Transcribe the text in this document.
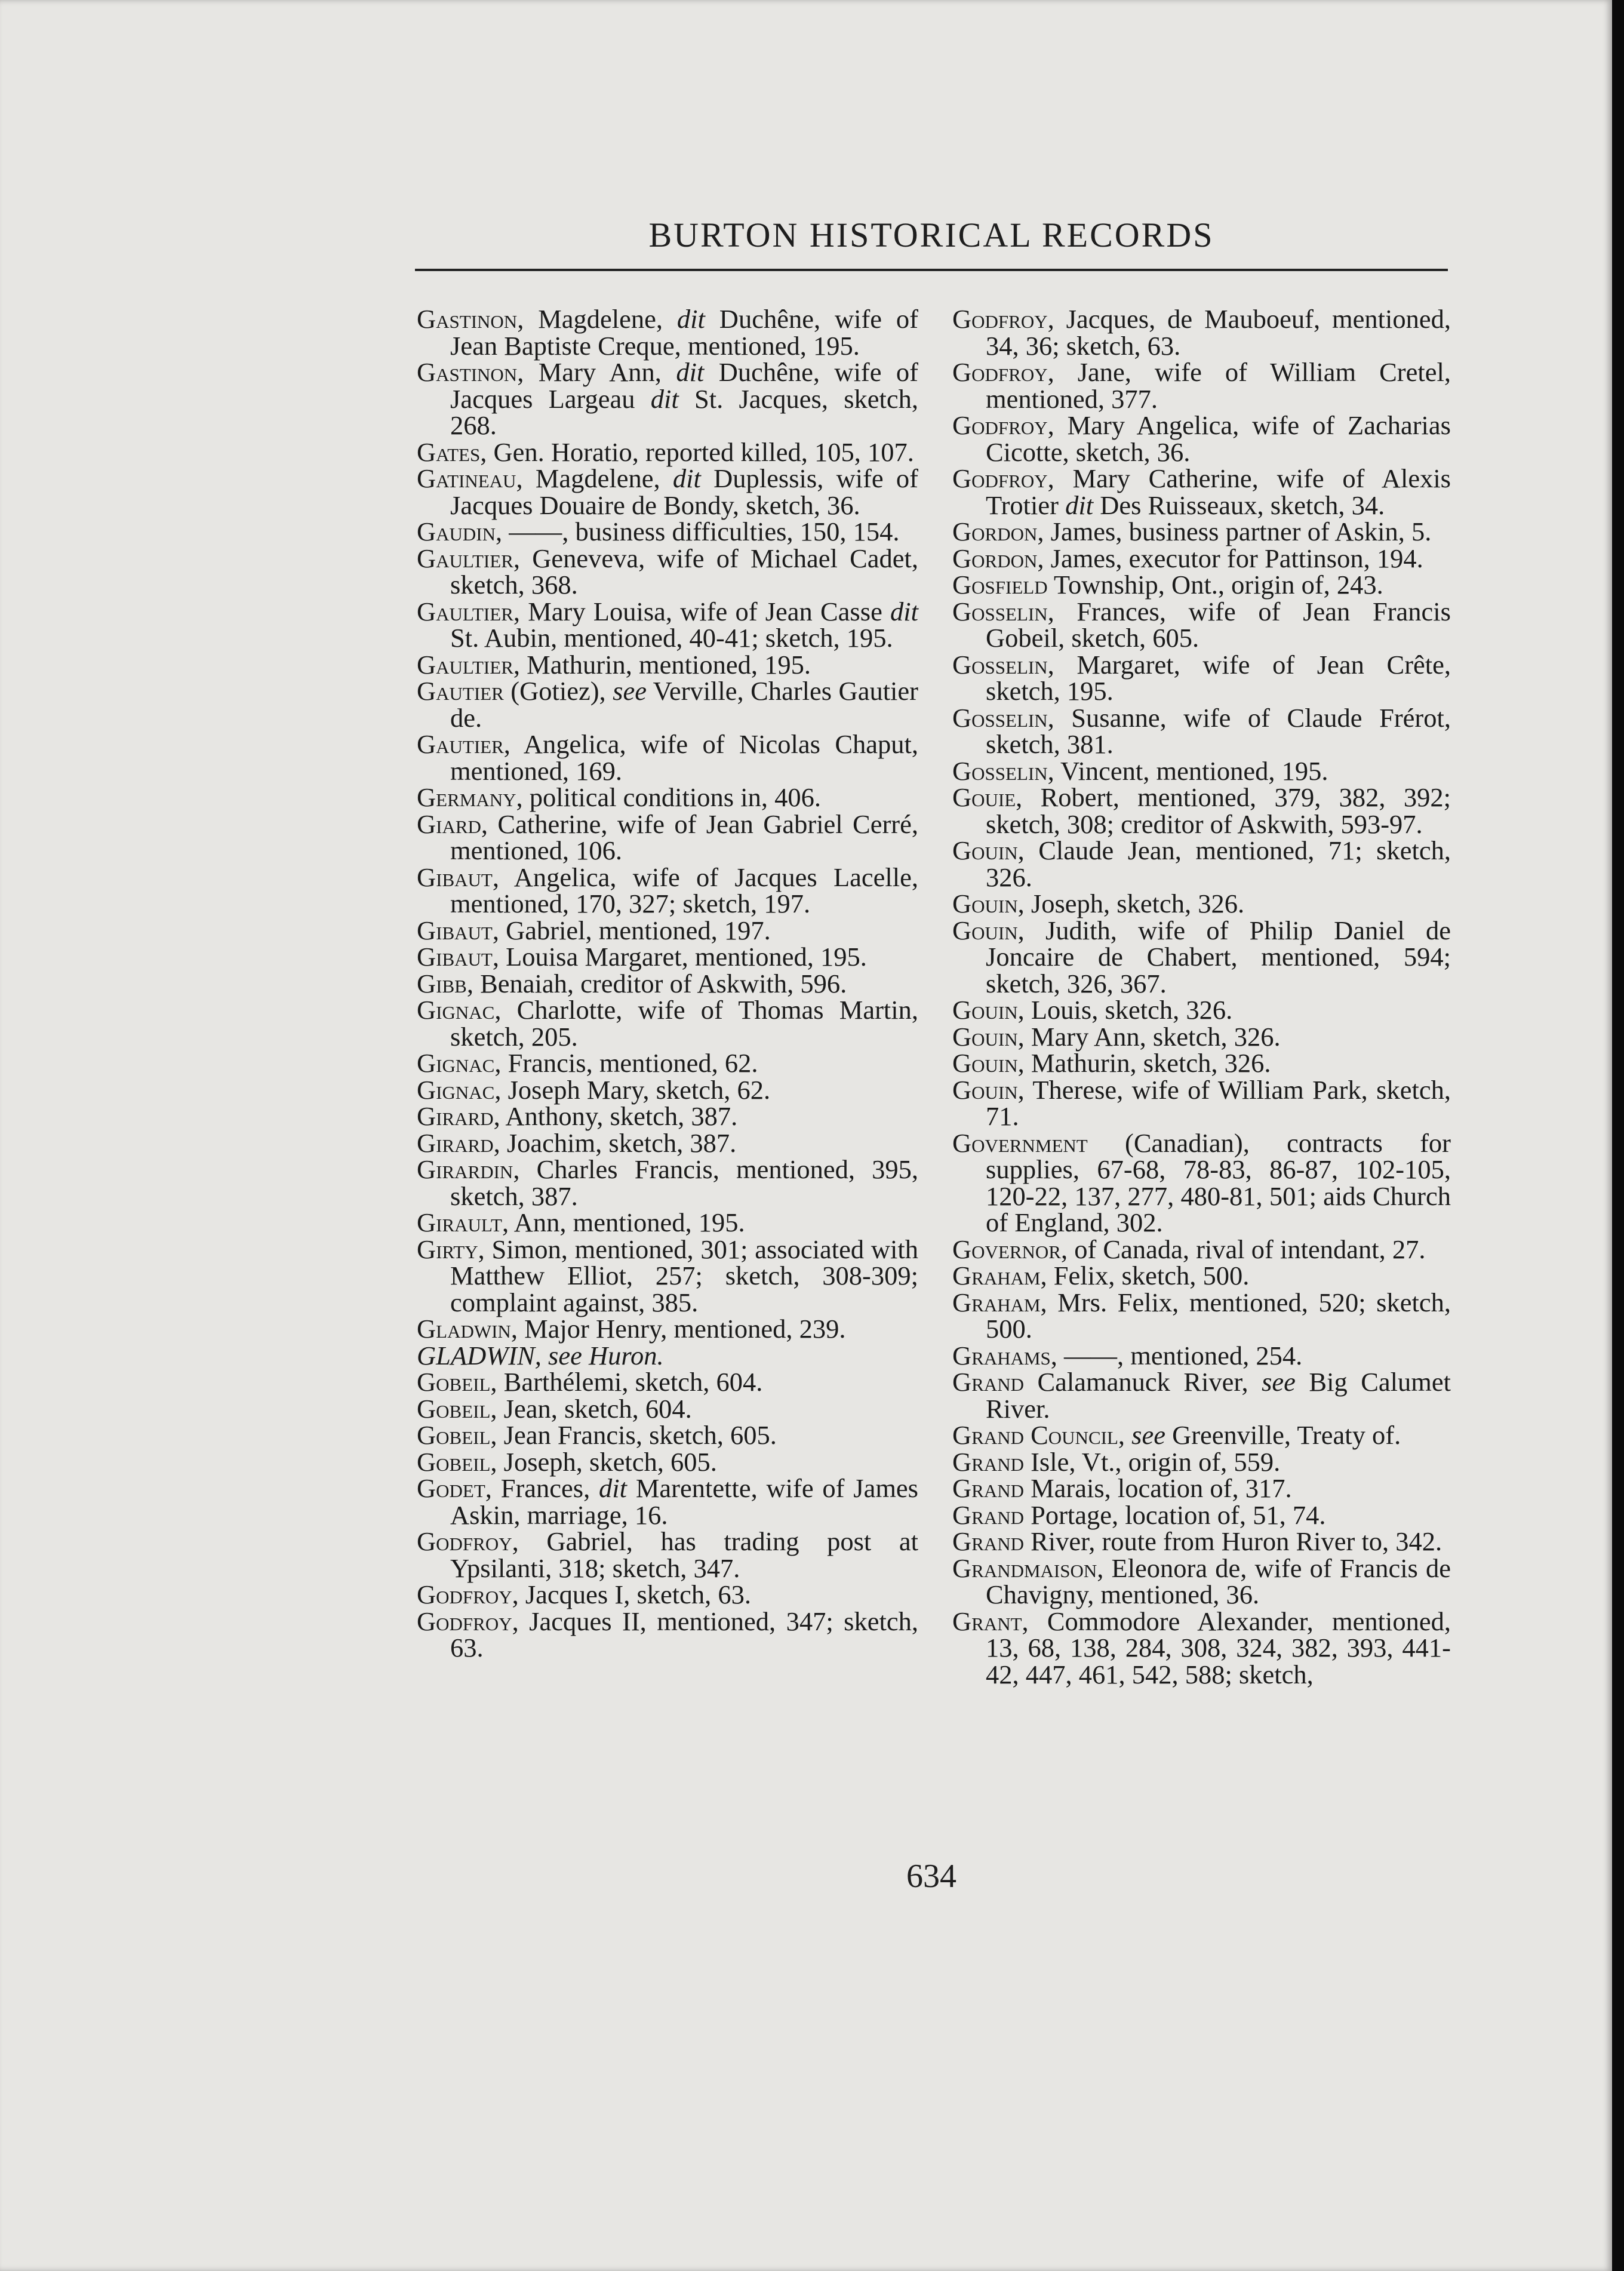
BURTON HISTORICAL RECORDS
Gastinon, Magdelene, dit Duchêne, wife of Jean Baptiste Creque, mentioned, 195.
Gastinon, Mary Ann, dit Duchêne, wife of Jacques Largeau dit St. Jacques, sketch, 268.
Gates, Gen. Horatio, reported killed, 105, 107.
Gatineau, Magdelene, dit Duplessis, wife of Jacques Douaire de Bondy, sketch, 36.
Gaudin, ——, business difficulties, 150, 154.
Gaultier, Geneveva, wife of Michael Cadet, sketch, 368.
Gaultier, Mary Louisa, wife of Jean Casse dit St. Aubin, mentioned, 40-41; sketch, 195.
Gaultier, Mathurin, mentioned, 195.
Gautier (Gotiez), see Verville, Charles Gautier de.
Gautier, Angelica, wife of Nicolas Chaput, mentioned, 169.
Germany, political conditions in, 406.
Giard, Catherine, wife of Jean Gabriel Cerré, mentioned, 106.
Gibaut, Angelica, wife of Jacques Lacelle, mentioned, 170, 327; sketch, 197.
Gibaut, Gabriel, mentioned, 197.
Gibaut, Louisa Margaret, mentioned, 195.
Gibb, Benaiah, creditor of Askwith, 596.
Gignac, Charlotte, wife of Thomas Martin, sketch, 205.
Gignac, Francis, mentioned, 62.
Gignac, Joseph Mary, sketch, 62.
Girard, Anthony, sketch, 387.
Girard, Joachim, sketch, 387.
Girardin, Charles Francis, mentioned, 395, sketch, 387.
Girault, Ann, mentioned, 195.
Girty, Simon, mentioned, 301; associated with Matthew Elliot, 257; sketch, 308-309; complaint against, 385.
Gladwin, Major Henry, mentioned, 239.
GLADWIN, see Huron.
Gobeil, Barthélemi, sketch, 604.
Gobeil, Jean, sketch, 604.
Gobeil, Jean Francis, sketch, 605.
Gobeil, Joseph, sketch, 605.
Godet, Frances, dit Marentette, wife of James Askin, marriage, 16.
Godfroy, Gabriel, has trading post at Ypsilanti, 318; sketch, 347.
Godfroy, Jacques I, sketch, 63.
Godfroy, Jacques II, mentioned, 347; sketch, 63.
Godfroy, Jacques, de Mauboeuf, mentioned, 34, 36; sketch, 63.
Godfroy, Jane, wife of William Cretel, mentioned, 377.
Godfroy, Mary Angelica, wife of Zacharias Cicotte, sketch, 36.
Godfroy, Mary Catherine, wife of Alexis Trotier dit Des Ruisseaux, sketch, 34.
Gordon, James, business partner of Askin, 5.
Gordon, James, executor for Pattinson, 194.
Gosfield Township, Ont., origin of, 243.
Gosselin, Frances, wife of Jean Francis Gobeil, sketch, 605.
Gosselin, Margaret, wife of Jean Crête, sketch, 195.
Gosselin, Susanne, wife of Claude Frérot, sketch, 381.
Gosselin, Vincent, mentioned, 195.
Gouie, Robert, mentioned, 379, 382, 392; sketch, 308; creditor of Askwith, 593-97.
Gouin, Claude Jean, mentioned, 71; sketch, 326.
Gouin, Joseph, sketch, 326.
Gouin, Judith, wife of Philip Daniel de Joncaire de Chabert, mentioned, 594; sketch, 326, 367.
Gouin, Louis, sketch, 326.
Gouin, Mary Ann, sketch, 326.
Gouin, Mathurin, sketch, 326.
Gouin, Therese, wife of William Park, sketch, 71.
Government (Canadian), contracts for supplies, 67-68, 78-83, 86-87, 102-105, 120-22, 137, 277, 480-81, 501; aids Church of England, 302.
Governor, of Canada, rival of intendant, 27.
Graham, Felix, sketch, 500.
Graham, Mrs. Felix, mentioned, 520; sketch, 500.
Grahams, ——, mentioned, 254.
Grand Calamanuck River, see Big Calumet River.
Grand Council, see Greenville, Treaty of.
Grand Isle, Vt., origin of, 559.
Grand Marais, location of, 317.
Grand Portage, location of, 51, 74.
Grand River, route from Huron River to, 342.
Grandmaison, Eleonora de, wife of Francis de Chavigny, mentioned, 36.
Grant, Commodore Alexander, mentioned, 13, 68, 138, 284, 308, 324, 382, 393, 441-42, 447, 461, 542, 588; sketch,
634
